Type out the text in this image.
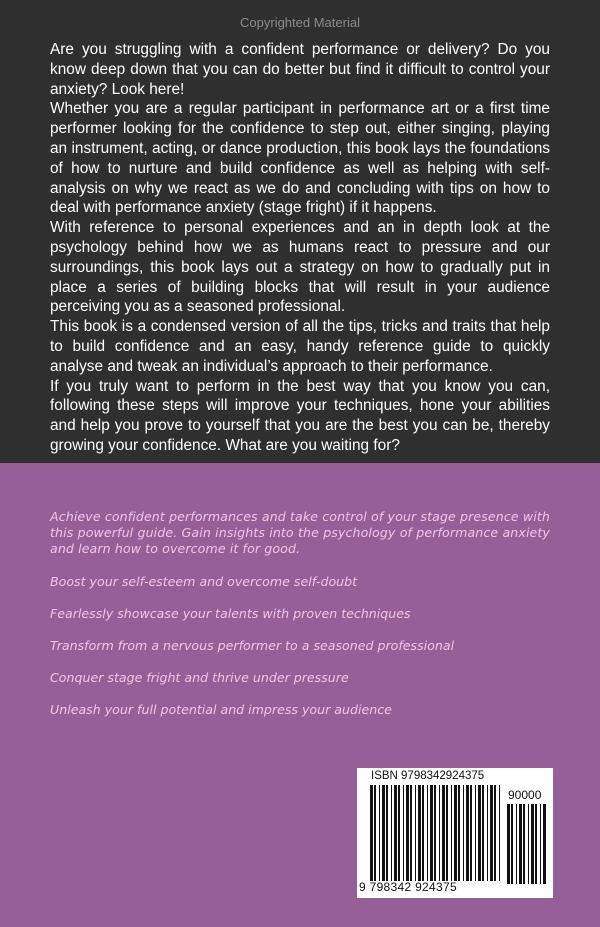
Copyrighted Material

Are you struggling with a confident performance or delivery? Do you know deep down that you can do better but find it difficult to control your anxiety? Look here!

Whether you are a regular participant in performance art or a first time performer looking for the confidence to step out, either singing, playing an instrument, acting, or dance production, this book lays the foundations of how to nurture and build confidence as well as helping with self-analysis on why we react as we do and concluding with tips on how to deal with performance anxiety (stage fright) if it happens.

With reference to personal experiences and an in depth look at the psychology behind how we as humans react to pressure and our surroundings, this book lays out a strategy on how to gradually put in place a series of building blocks that will result in your audience perceiving you as a seasoned professional.

This book is a condensed version of all the tips, tricks and traits that help to build confidence and an easy, handy reference guide to quickly analyse and tweak an individual’s approach to their performance.

If you truly want to perform in the best way that you know you can, following these steps will improve your techniques, hone your abilities and help you prove to yourself that you are the best you can be, thereby growing your confidence. What are you waiting for?

Achieve confident performances and take control of your stage presence with this powerful guide. Gain insights into the psychology of performance anxiety and learn how to overcome it for good.
Boost your self-esteem and overcome self-doubt
Fearlessly showcase your talents with proven techniques
Transform from a nervous performer to a seasoned professional
Conquer stage fright and thrive under pressure
Unleash your full potential and impress your audience
ISBN 9798342924375
90000
9 798342 924375
